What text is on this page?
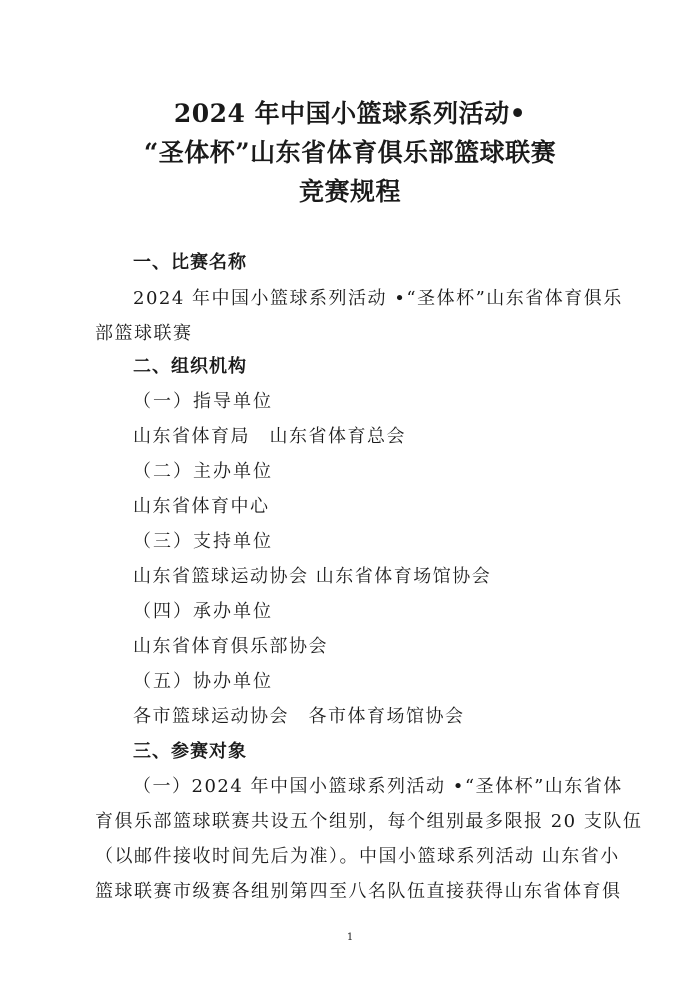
2024 年中国小篮球系列活动•
“圣体杯”山东省体育俱乐部篮球联赛
竞赛规程
一、比赛名称
2024 年中国小篮球系列活动 •“圣体杯”山东省体育俱乐
部篮球联赛
二、组织机构
（一）指导单位
山东省体育局　山东省体育总会
（二）主办单位
山东省体育中心
（三）支持单位
山东省篮球运动协会 山东省体育场馆协会
（四）承办单位
山东省体育俱乐部协会
（五）协办单位
各市篮球运动协会　各市体育场馆协会
三、参赛对象
（一）2024 年中国小篮球系列活动 •“圣体杯”山东省体
育俱乐部篮球联赛共设五个组别，每个组别最多限报 20 支队伍
（以邮件接收时间先后为准）。中国小篮球系列活动 山东省小
篮球联赛市级赛各组别第四至八名队伍直接获得山东省体育俱
1
